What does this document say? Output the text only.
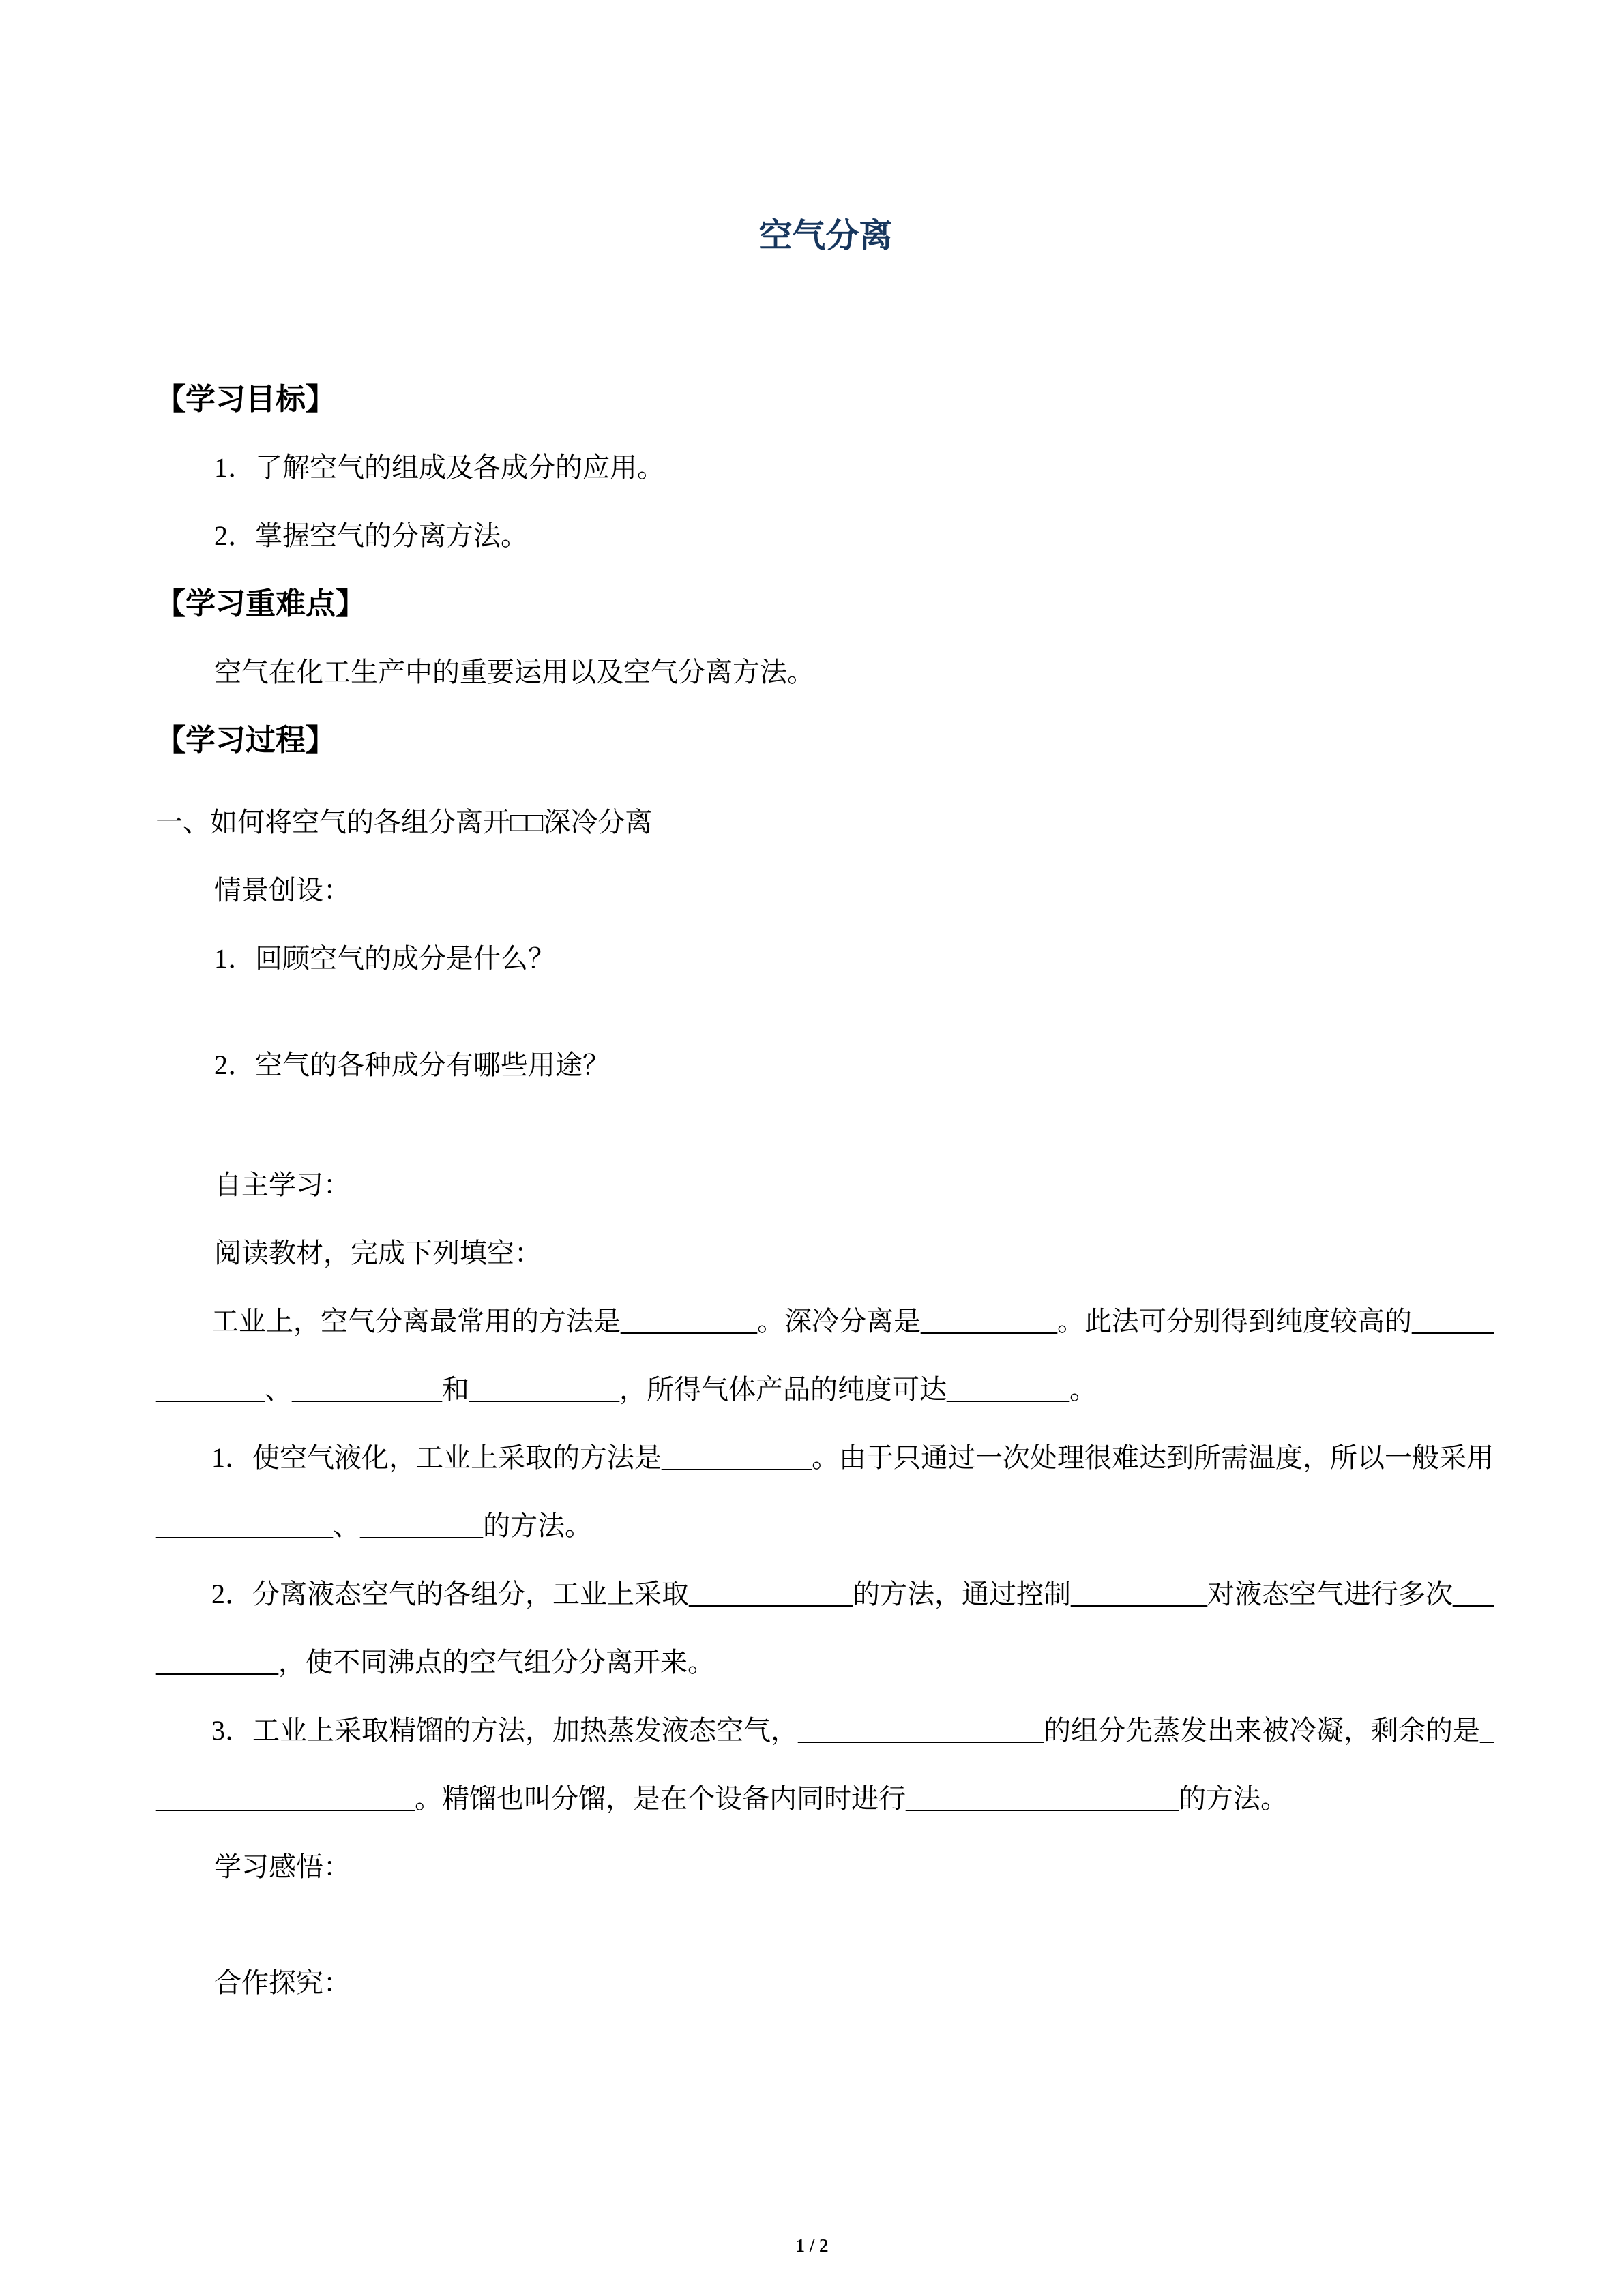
空气分离

【学习目标】

1．了解空气的组成及各成分的应用。

2．掌握空气的分离方法。

【学习重难点】

空气在化工生产中的重要运用以及空气分离方法。

【学习过程】

一、如何将空气的各组分离开□□深冷分离

情景创设：

1．回顾空气的成分是什么？

2．空气的各种成分有哪些用途？

自主学习：

阅读教材，完成下列填空：

工业上，空气分离最常用的方法是__________。深冷分离是__________。此法可分别得到纯度较高的______________、___________和___________，所得气体产品的纯度可达_________。

1．使空气液化，工业上采取的方法是___________。由于只通过一次处理很难达到所需温度，所以一般采用_____________、_________的方法。

2．分离液态空气的各组分，工业上采取____________的方法，通过控制__________对液态空气进行多次____________，使不同沸点的空气组分分离开来。

3．工业上采取精馏的方法，加热蒸发液态空气，__________________的组分先蒸发出来被冷凝，剩余的是____________________。精馏也叫分馏，是在个设备内同时进行____________________的方法。

学习感悟：

合作探究：

1 / 2
